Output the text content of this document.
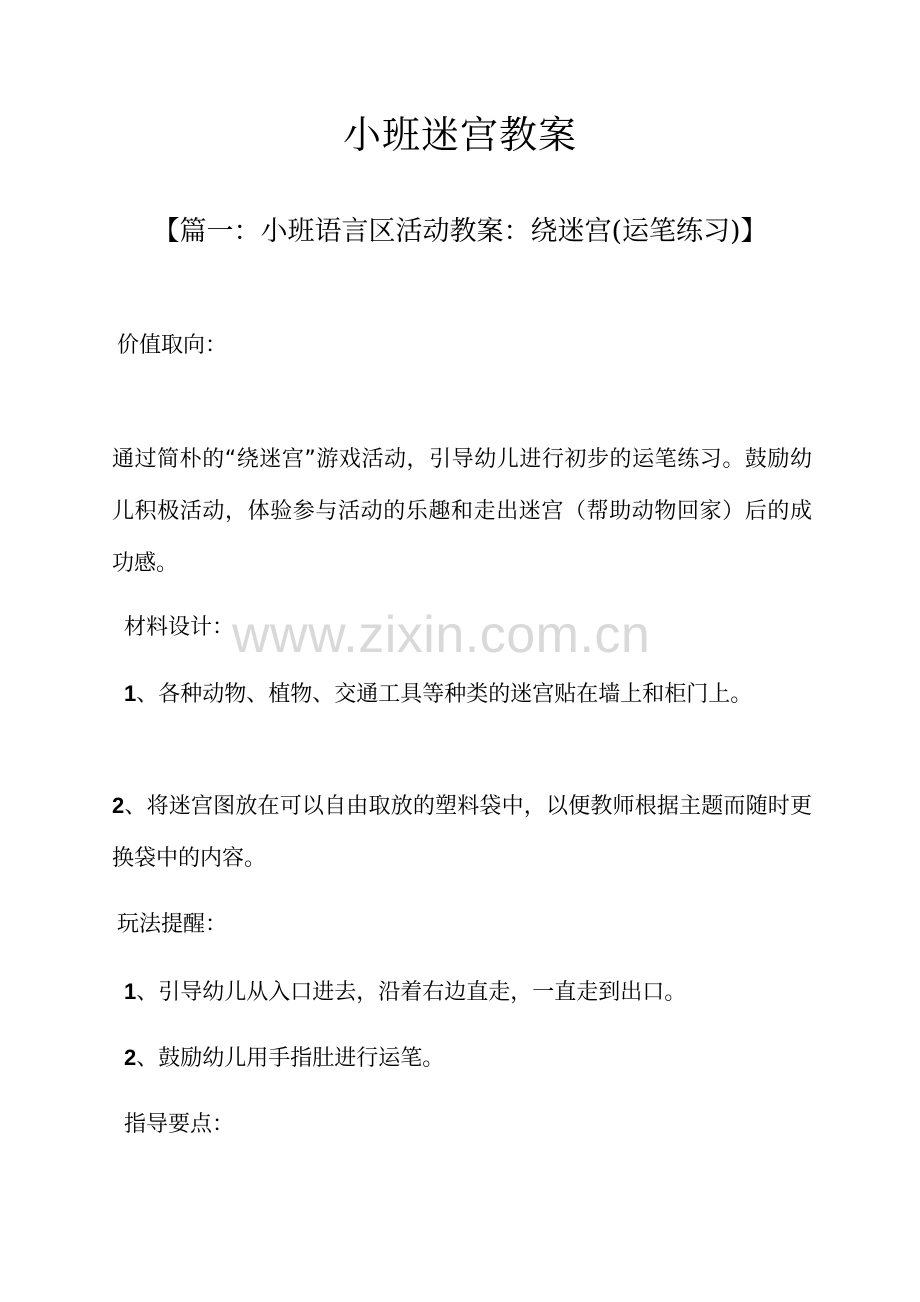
www.zixin.com.cn
小班迷宫教案
【篇一：小班语言区活动教案：绕迷宫(运笔练习)】
价值取向：
通过简朴的“绕迷宫”游戏活动，引导幼儿进行初步的运笔练习。鼓励幼儿积极活动，体验参与活动的乐趣和走出迷宫（帮助动物回家）后的成功感。
材料设计：
1、各种动物、植物、交通工具等种类的迷宫贴在墙上和柜门上。
2、将迷宫图放在可以自由取放的塑料袋中，以便教师根据主题而随时更换袋中的内容。
玩法提醒：
1、引导幼儿从入口进去，沿着右边直走，一直走到出口。
2、鼓励幼儿用手指肚进行运笔。
指导要点：
